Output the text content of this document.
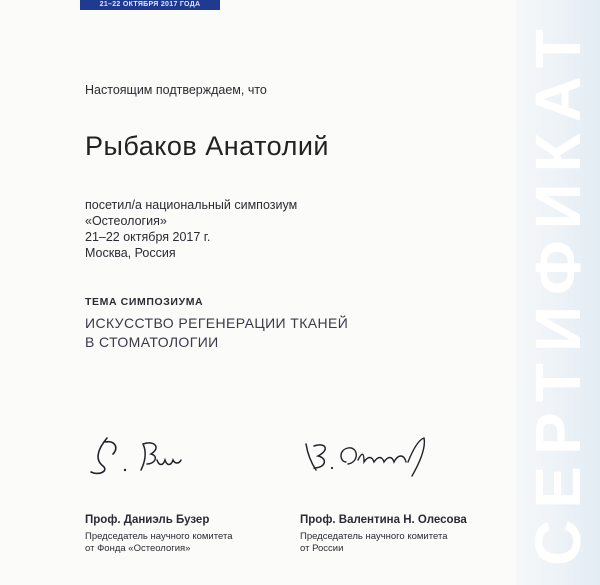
21–22 ОКТЯБРЯ 2017 ГОДА
СЕРТИФИКАТ
Настоящим подтверждаем, что
Рыбаков Анатолий
посетил/а национальный симпозиум
«Остеология»
21–22 октября 2017 г.
Москва, Россия
ТЕМА СИМПОЗИУМА
ИСКУССТВО РЕГЕНЕРАЦИИ ТКАНЕЙ
В СТОМАТОЛОГИИ
Проф. Даниэль Бузер
Председатель научного комитета
от Фонда «Остеология»
Проф. Валентина Н. Олесова
Председатель научного комитета
от России
